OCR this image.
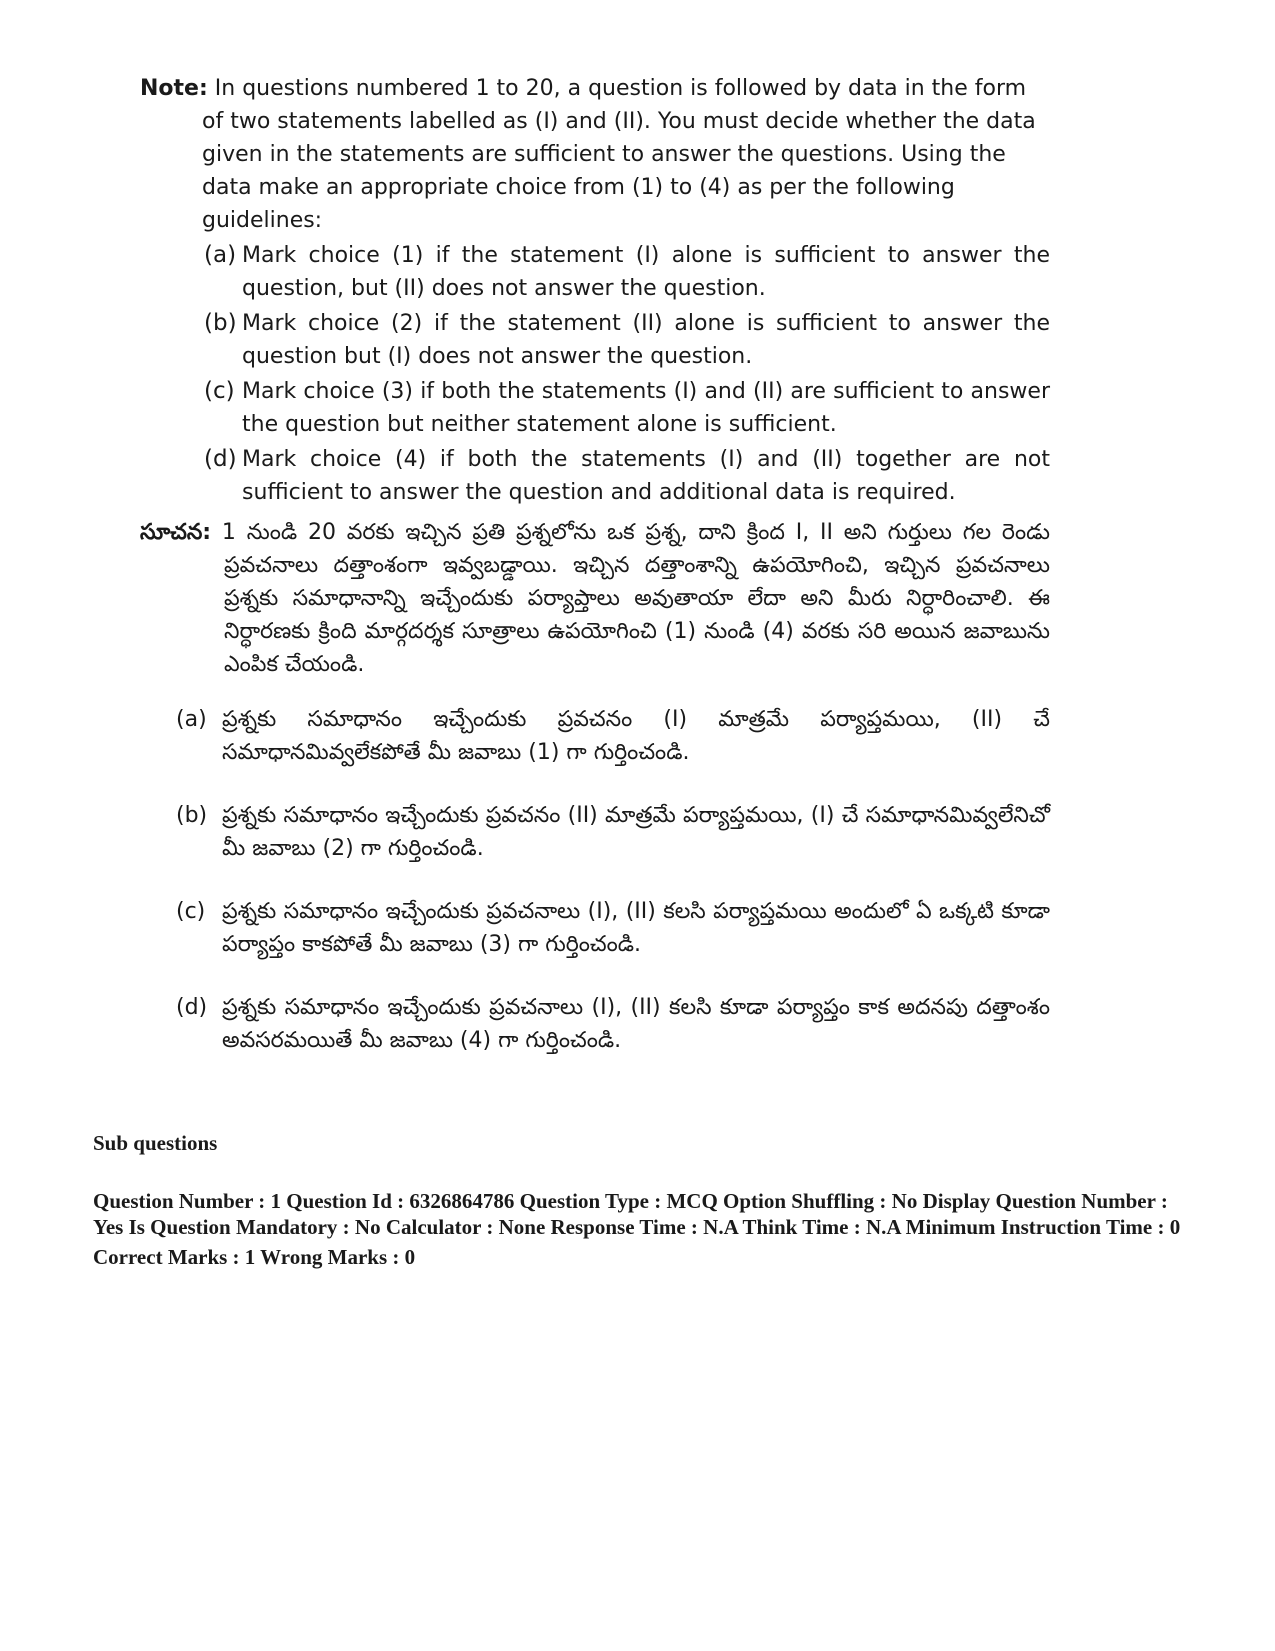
Note: In questions numbered 1 to 20, a question is followed by data in the form of two statements labelled as (I) and (II). You must decide whether the data given in the statements are sufficient to answer the questions. Using the data make an appropriate choice from (1) to (4) as per the following guidelines:

(a) Mark choice (1) if the statement (I) alone is sufficient to answer the question, but (II) does not answer the question.
(b) Mark choice (2) if the statement (II) alone is sufficient to answer the question but (I) does not answer the question.
(c) Mark choice (3) if both the statements (I) and (II) are sufficient to answer the question but neither statement alone is sufficient.
(d) Mark choice (4) if both the statements (I) and (II) together are not sufficient to answer the question and additional data is required.

సూచన: 1 నుండి 20 వరకు ఇచ్చిన ప్రతి ప్రశ్నలోను ఒక ప్రశ్న, దాని క్రింద I, II అని గుర్తులు గల రెండు ప్రవచనాలు దత్తాంశంగా ఇవ్వబడ్డాయి. ఇచ్చిన దత్తాంశాన్ని ఉపయోగించి, ఇచ్చిన ప్రవచనాలు ప్రశ్నకు సమాధానాన్ని ఇచ్చేందుకు పర్యాప్తాలు అవుతాయా లేదా అని మీరు నిర్ధారించాలి. ఈ నిర్ధారణకు క్రింది మార్గదర్శక సూత్రాలు ఉపయోగించి (1) నుండి (4) వరకు సరి అయిన జవాబును ఎంపిక చేయండి.

(a) ప్రశ్నకు సమాధానం ఇచ్చేందుకు ప్రవచనం (I) మాత్రమే పర్యాప్తమయి, (II) చే సమాధానమివ్వలేకపోతే మీ జవాబు (1) గా గుర్తించండి.
(b) ప్రశ్నకు సమాధానం ఇచ్చేందుకు ప్రవచనం (II) మాత్రమే పర్యాప్తమయి, (I) చే సమాధానమివ్వలేనిచో మీ జవాబు (2) గా గుర్తించండి.
(c) ప్రశ్నకు సమాధానం ఇచ్చేందుకు ప్రవచనాలు (I), (II) కలసి పర్యాప్తమయి అందులో ఏ ఒక్కటి కూడా పర్యాప్తం కాకపోతే మీ జవాబు (3) గా గుర్తించండి.
(d) ప్రశ్నకు సమాధానం ఇచ్చేందుకు ప్రవచనాలు (I), (II) కలసి కూడా పర్యాప్తం కాక అదనపు దత్తాంశం అవసరమయితే మీ జవాబు (4) గా గుర్తించండి.

Sub questions

Question Number : 1 Question Id : 6326864786 Question Type : MCQ Option Shuffling : No Display Question Number : Yes Is Question Mandatory : No Calculator : None Response Time : N.A Think Time : N.A Minimum Instruction Time : 0

Correct Marks : 1 Wrong Marks : 0
